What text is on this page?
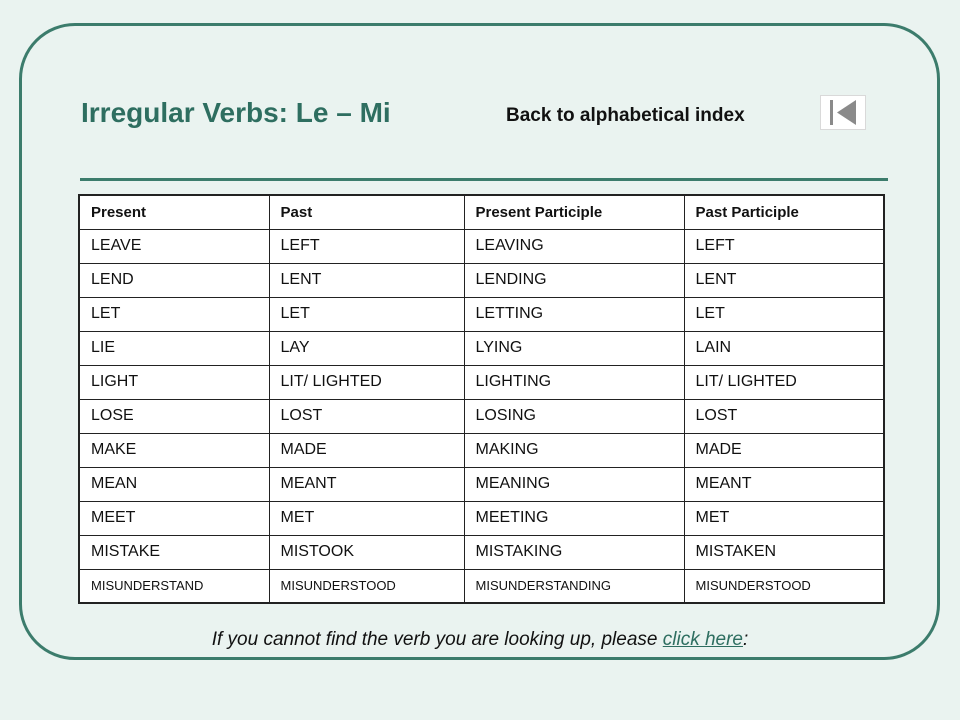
Irregular Verbs: Le – Mi	Back to alphabetical index
Present	Past	Present Participle	Past Participle
LEAVE	LEFT	LEAVING	LEFT
LEND	LENT	LENDING	LENT
LET	LET	LETTING	LET
LIE	LAY	LYING	LAIN
LIGHT	LIT/ LIGHTED	LIGHTING	LIT/ LIGHTED
LOSE	LOST	LOSING	LOST
MAKE	MADE	MAKING	MADE
MEAN	MEANT	MEANING	MEANT
MEET	MET	MEETING	MET
MISTAKE	MISTOOK	MISTAKING	MISTAKEN
MISUNDERSTAND	MISUNDERSTOOD	MISUNDERSTANDING	MISUNDERSTOOD
If you cannot find the verb you are looking up, please click here:
